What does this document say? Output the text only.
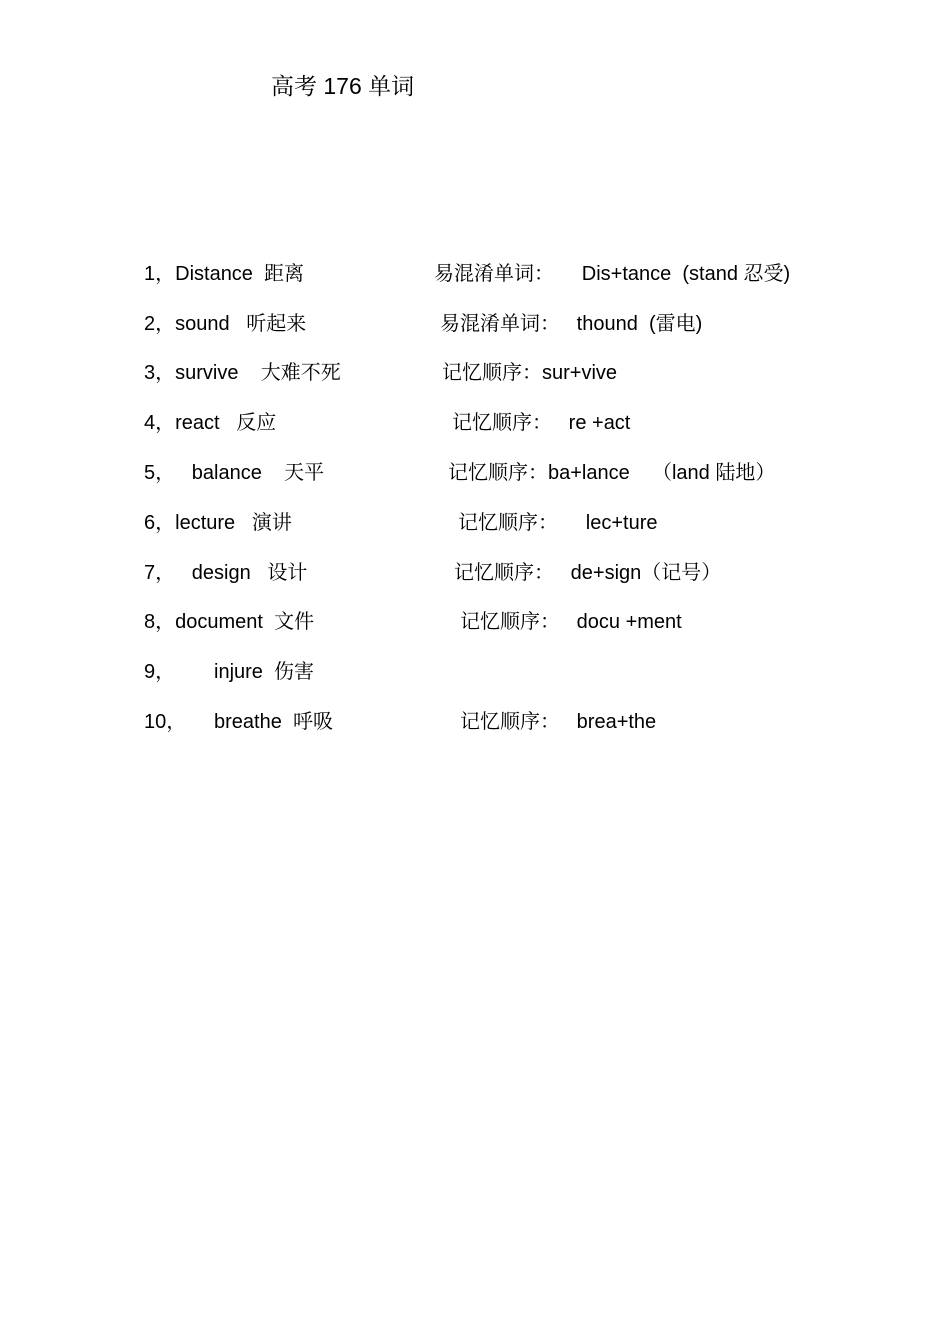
高考 176 单词
1，Distance  距离	易混淆单词：     Dis+tance  (stand 忍受)
2，sound   听起来	易混淆单词：   thound  (雷电)
3，survive    大难不死	记忆顺序：sur+vive
4，react   反应	记忆顺序：   re +act
5，   balance    天平	记忆顺序：ba+lance    （land 陆地）
6，lecture   演讲	记忆顺序：     lec+ture
7，   design   设计	记忆顺序：   de+sign（记号）
8，document  文件	记忆顺序：   docu +ment
9，       injure  伤害
10，     breathe  呼吸	记忆顺序：   brea+the
